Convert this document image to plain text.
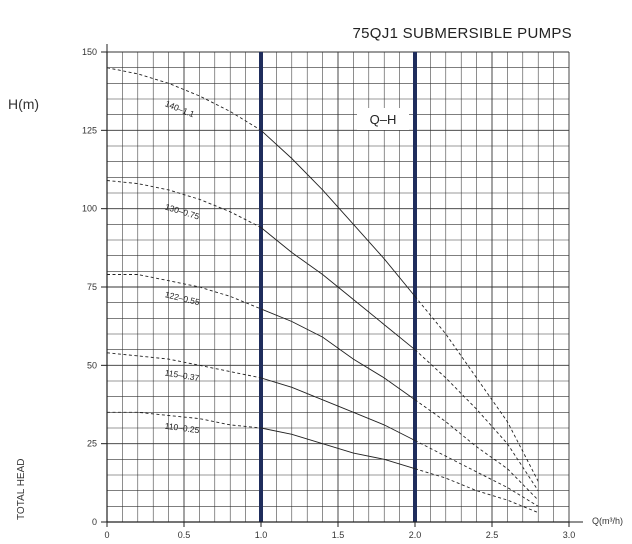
75QJ1 SUBMERSIBLE PUMPS
H(m)
TOTAL HEAD
Q(m³/h)
140–1.1
130–0.75
122–0.55
115–0.37
110–0.25
0
25
50
75
100
125
150
0	0.5	1.0	1.5	2.0	2.5	3.0
Q–H
